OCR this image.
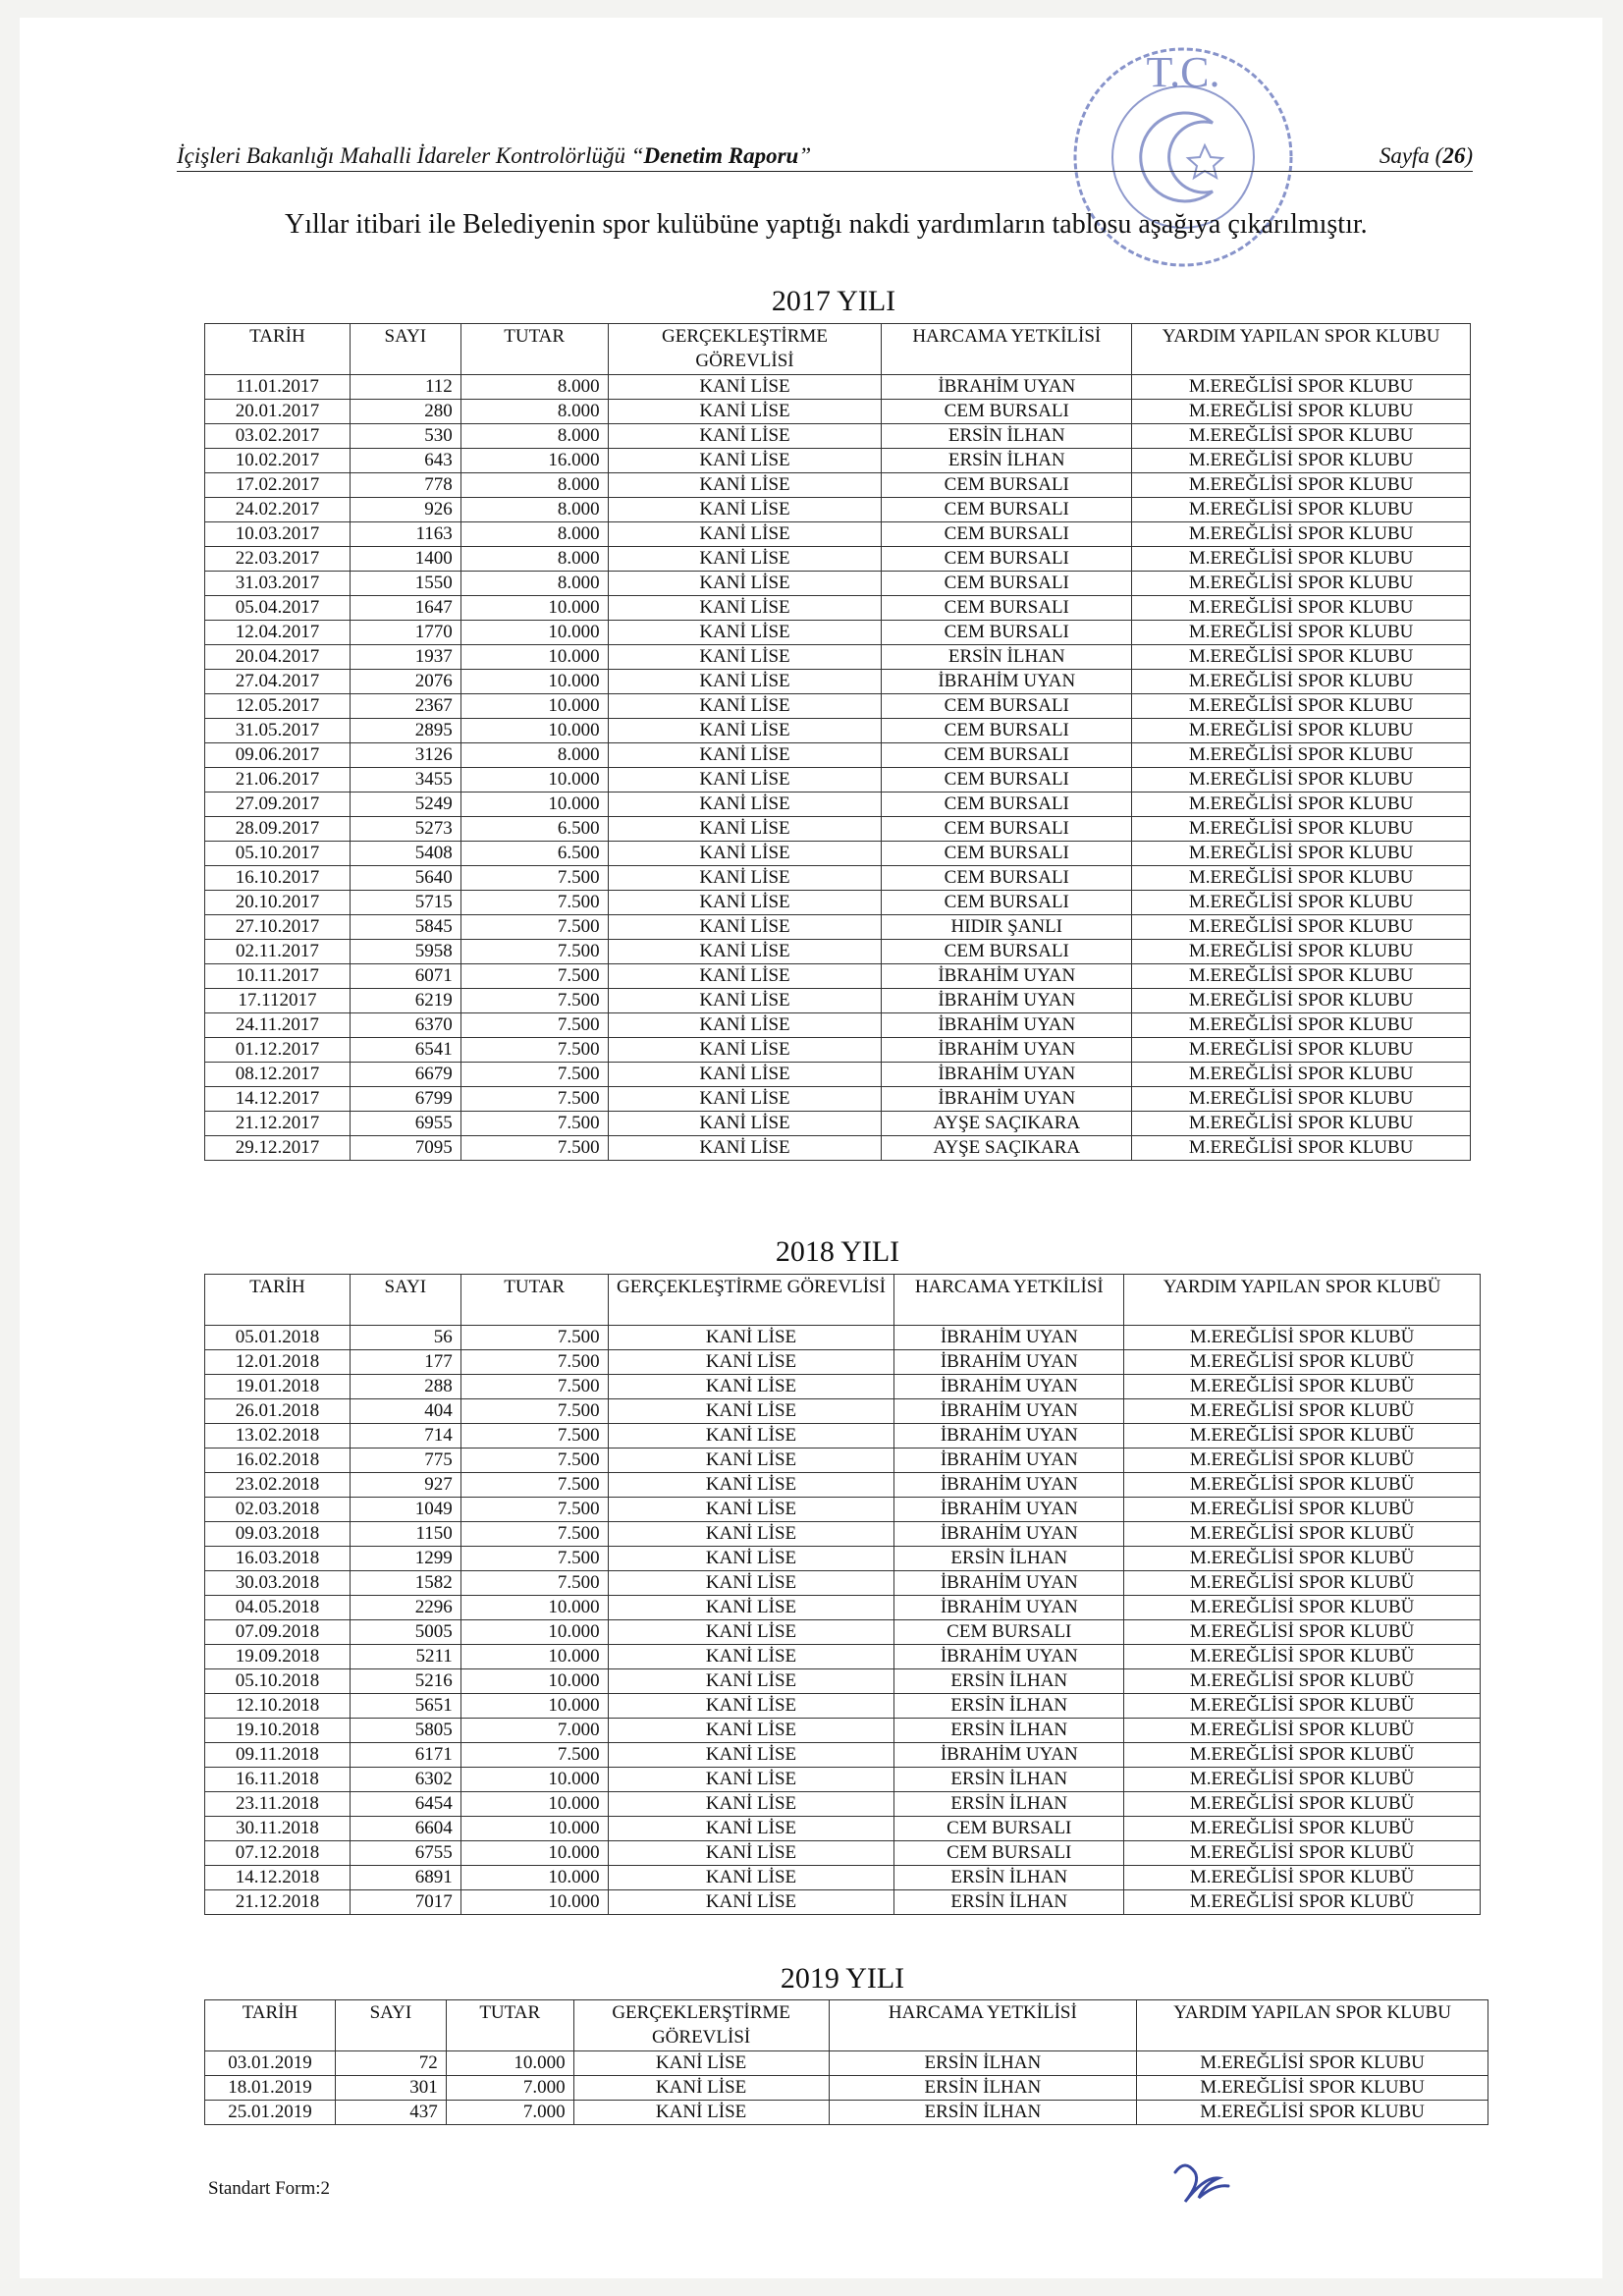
T.C.
İçişleri Bakanlığı Mahalli İdareler Kontrolörlüğü “Denetim Raporu”	Sayfa (26)
Yıllar itibari ile Belediyenin spor kulübüne yaptığı nakdi yardımların tablosu aşağıya çıkarılmıştır.
2017 YILI
TARİH	SAYI	TUTAR	GERÇEKLEŞTİRME GÖREVLİSİ	HARCAMA YETKİLİSİ	YARDIM YAPILAN SPOR KLUBU
11.01.2017	112	8.000	KANİ LİSE	İBRAHİM UYAN	M.EREĞLİSİ SPOR KLUBU
20.01.2017	280	8.000	KANİ LİSE	CEM BURSALI	M.EREĞLİSİ SPOR KLUBU
03.02.2017	530	8.000	KANİ LİSE	ERSİN İLHAN	M.EREĞLİSİ SPOR KLUBU
10.02.2017	643	16.000	KANİ LİSE	ERSİN İLHAN	M.EREĞLİSİ SPOR KLUBU
17.02.2017	778	8.000	KANİ LİSE	CEM BURSALI	M.EREĞLİSİ SPOR KLUBU
24.02.2017	926	8.000	KANİ LİSE	CEM BURSALI	M.EREĞLİSİ SPOR KLUBU
10.03.2017	1163	8.000	KANİ LİSE	CEM BURSALI	M.EREĞLİSİ SPOR KLUBU
22.03.2017	1400	8.000	KANİ LİSE	CEM BURSALI	M.EREĞLİSİ SPOR KLUBU
31.03.2017	1550	8.000	KANİ LİSE	CEM BURSALI	M.EREĞLİSİ SPOR KLUBU
05.04.2017	1647	10.000	KANİ LİSE	CEM BURSALI	M.EREĞLİSİ SPOR KLUBU
12.04.2017	1770	10.000	KANİ LİSE	CEM BURSALI	M.EREĞLİSİ SPOR KLUBU
20.04.2017	1937	10.000	KANİ LİSE	ERSİN İLHAN	M.EREĞLİSİ SPOR KLUBU
27.04.2017	2076	10.000	KANİ LİSE	İBRAHİM UYAN	M.EREĞLİSİ SPOR KLUBU
12.05.2017	2367	10.000	KANİ LİSE	CEM BURSALI	M.EREĞLİSİ SPOR KLUBU
31.05.2017	2895	10.000	KANİ LİSE	CEM BURSALI	M.EREĞLİSİ SPOR KLUBU
09.06.2017	3126	8.000	KANİ LİSE	CEM BURSALI	M.EREĞLİSİ SPOR KLUBU
21.06.2017	3455	10.000	KANİ LİSE	CEM BURSALI	M.EREĞLİSİ SPOR KLUBU
27.09.2017	5249	10.000	KANİ LİSE	CEM BURSALI	M.EREĞLİSİ SPOR KLUBU
28.09.2017	5273	6.500	KANİ LİSE	CEM BURSALI	M.EREĞLİSİ SPOR KLUBU
05.10.2017	5408	6.500	KANİ LİSE	CEM BURSALI	M.EREĞLİSİ SPOR KLUBU
16.10.2017	5640	7.500	KANİ LİSE	CEM BURSALI	M.EREĞLİSİ SPOR KLUBU
20.10.2017	5715	7.500	KANİ LİSE	CEM BURSALI	M.EREĞLİSİ SPOR KLUBU
27.10.2017	5845	7.500	KANİ LİSE	HIDIR ŞANLI	M.EREĞLİSİ SPOR KLUBU
02.11.2017	5958	7.500	KANİ LİSE	CEM BURSALI	M.EREĞLİSİ SPOR KLUBU
10.11.2017	6071	7.500	KANİ LİSE	İBRAHİM UYAN	M.EREĞLİSİ SPOR KLUBU
17.112017	6219	7.500	KANİ LİSE	İBRAHİM UYAN	M.EREĞLİSİ SPOR KLUBU
24.11.2017	6370	7.500	KANİ LİSE	İBRAHİM UYAN	M.EREĞLİSİ SPOR KLUBU
01.12.2017	6541	7.500	KANİ LİSE	İBRAHİM UYAN	M.EREĞLİSİ SPOR KLUBU
08.12.2017	6679	7.500	KANİ LİSE	İBRAHİM UYAN	M.EREĞLİSİ SPOR KLUBU
14.12.2017	6799	7.500	KANİ LİSE	İBRAHİM UYAN	M.EREĞLİSİ SPOR KLUBU
21.12.2017	6955	7.500	KANİ LİSE	AYŞE SAÇIKARA	M.EREĞLİSİ SPOR KLUBU
29.12.2017	7095	7.500	KANİ LİSE	AYŞE SAÇIKARA	M.EREĞLİSİ SPOR KLUBU
2018 YILI
TARİH	SAYI	TUTAR	GERÇEKLEŞTİRME GÖREVLİSİ	HARCAMA YETKİLİSİ	YARDIM YAPILAN SPOR KLUBÜ
05.01.2018	56	7.500	KANİ LİSE	İBRAHİM UYAN	M.EREĞLİSİ SPOR KLUBÜ
12.01.2018	177	7.500	KANİ LİSE	İBRAHİM UYAN	M.EREĞLİSİ SPOR KLUBÜ
19.01.2018	288	7.500	KANİ LİSE	İBRAHİM UYAN	M.EREĞLİSİ SPOR KLUBÜ
26.01.2018	404	7.500	KANİ LİSE	İBRAHİM UYAN	M.EREĞLİSİ SPOR KLUBÜ
13.02.2018	714	7.500	KANİ LİSE	İBRAHİM UYAN	M.EREĞLİSİ SPOR KLUBÜ
16.02.2018	775	7.500	KANİ LİSE	İBRAHİM UYAN	M.EREĞLİSİ SPOR KLUBÜ
23.02.2018	927	7.500	KANİ LİSE	İBRAHİM UYAN	M.EREĞLİSİ SPOR KLUBÜ
02.03.2018	1049	7.500	KANİ LİSE	İBRAHİM UYAN	M.EREĞLİSİ SPOR KLUBÜ
09.03.2018	1150	7.500	KANİ LİSE	İBRAHİM UYAN	M.EREĞLİSİ SPOR KLUBÜ
16.03.2018	1299	7.500	KANİ LİSE	ERSİN İLHAN	M.EREĞLİSİ SPOR KLUBÜ
30.03.2018	1582	7.500	KANİ LİSE	İBRAHİM UYAN	M.EREĞLİSİ SPOR KLUBÜ
04.05.2018	2296	10.000	KANİ LİSE	İBRAHİM UYAN	M.EREĞLİSİ SPOR KLUBÜ
07.09.2018	5005	10.000	KANİ LİSE	CEM BURSALI	M.EREĞLİSİ SPOR KLUBÜ
19.09.2018	5211	10.000	KANİ LİSE	İBRAHİM UYAN	M.EREĞLİSİ SPOR KLUBÜ
05.10.2018	5216	10.000	KANİ LİSE	ERSİN İLHAN	M.EREĞLİSİ SPOR KLUBÜ
12.10.2018	5651	10.000	KANİ LİSE	ERSİN İLHAN	M.EREĞLİSİ SPOR KLUBÜ
19.10.2018	5805	7.000	KANİ LİSE	ERSİN İLHAN	M.EREĞLİSİ SPOR KLUBÜ
09.11.2018	6171	7.500	KANİ LİSE	İBRAHİM UYAN	M.EREĞLİSİ SPOR KLUBÜ
16.11.2018	6302	10.000	KANİ LİSE	ERSİN İLHAN	M.EREĞLİSİ SPOR KLUBÜ
23.11.2018	6454	10.000	KANİ LİSE	ERSİN İLHAN	M.EREĞLİSİ SPOR KLUBÜ
30.11.2018	6604	10.000	KANİ LİSE	CEM BURSALI	M.EREĞLİSİ SPOR KLUBÜ
07.12.2018	6755	10.000	KANİ LİSE	CEM BURSALI	M.EREĞLİSİ SPOR KLUBÜ
14.12.2018	6891	10.000	KANİ LİSE	ERSİN İLHAN	M.EREĞLİSİ SPOR KLUBÜ
21.12.2018	7017	10.000	KANİ LİSE	ERSİN İLHAN	M.EREĞLİSİ SPOR KLUBÜ
2019 YILI
TARİH	SAYI	TUTAR	GERÇEKLERŞTİRME GÖREVLİSİ	HARCAMA YETKİLİSİ	YARDIM YAPILAN SPOR KLUBU
03.01.2019	72	10.000	KANİ LİSE	ERSİN İLHAN	M.EREĞLİSİ SPOR KLUBU
18.01.2019	301	7.000	KANİ LİSE	ERSİN İLHAN	M.EREĞLİSİ SPOR KLUBU
25.01.2019	437	7.000	KANİ LİSE	ERSİN İLHAN	M.EREĞLİSİ SPOR KLUBU
Standart Form:2
